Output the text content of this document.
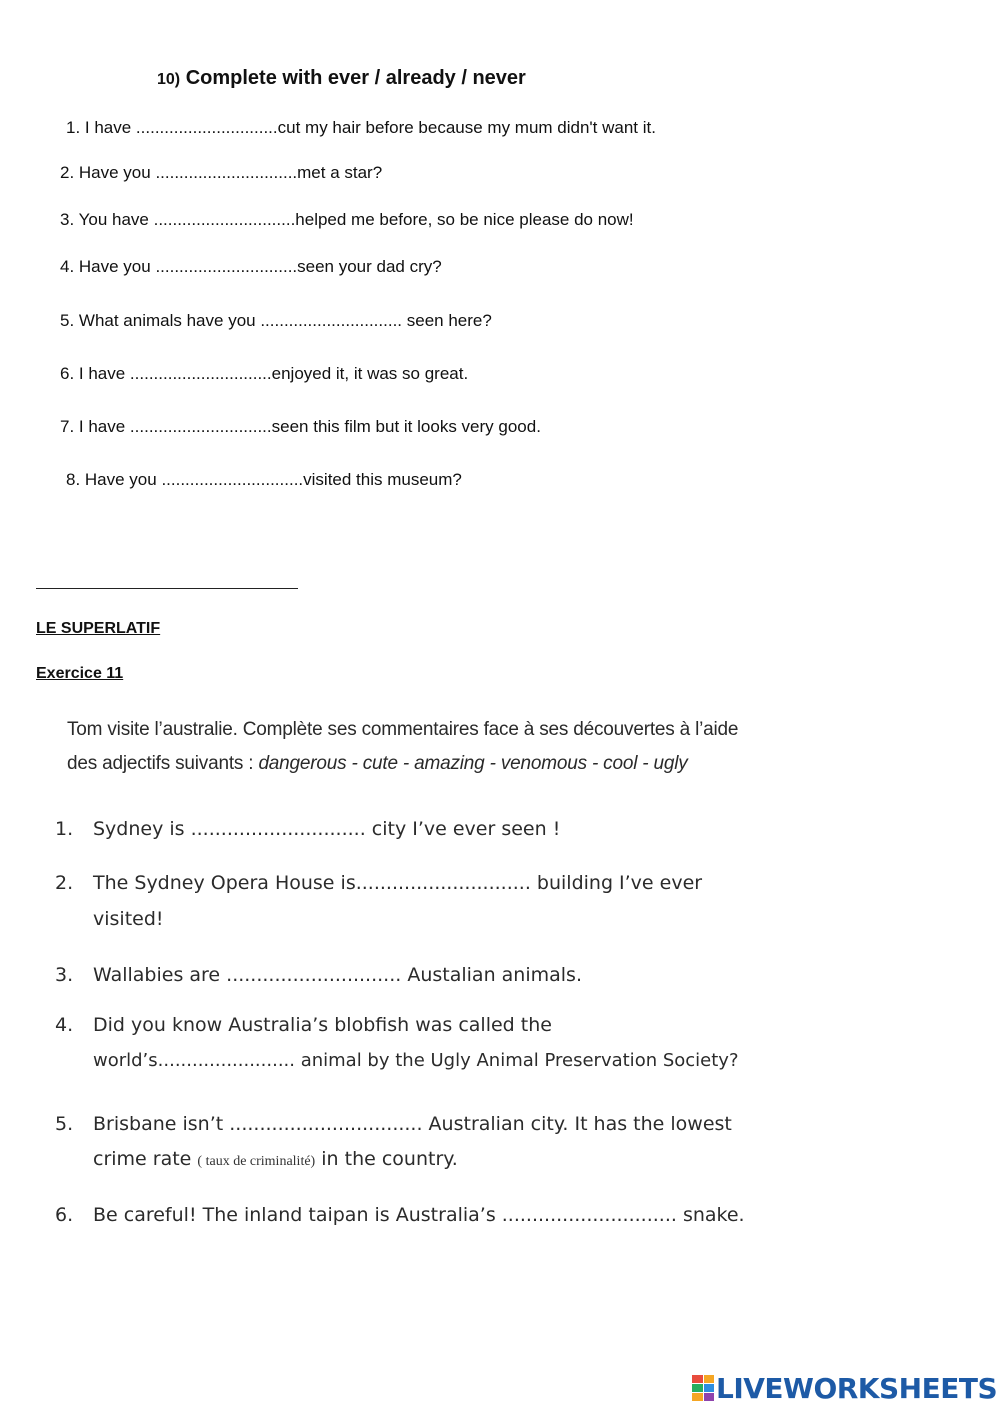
10) Complete with ever / already / never
1. I have ..............................cut my hair before because my mum didn't want it.
2. Have you ..............................met a star?
3. You have ..............................helped me before, so be nice please do now!
4. Have you ..............................seen your dad cry?
5. What animals have you .............................. seen here?
6. I have ..............................enjoyed it, it was so great.
7. I have ..............................seen this film but it looks very good.
8. Have you ..............................visited this museum?
LE SUPERLATIF
Exercice 11
Tom visite l’australie. Complète ses commentaires face à ses découvertes à l’aide
des adjectifs suivants : dangerous - cute - amazing - venomous - cool - ugly
1. Sydney is ............................. city I’ve ever seen !
2. The Sydney Opera House is............................. building I’ve ever
visited!
3. Wallabies are ............................. Austalian animals.
4. Did you know Australia’s blobfish was called the
world’s........................ animal by the Ugly Animal Preservation Society?
5. Brisbane isn’t ................................ Australian city. It has the lowest
crime rate ( taux de criminalité) in the country.
6. Be careful! The inland taipan is Australia’s ............................. snake.
LIVEWORKSHEETS
